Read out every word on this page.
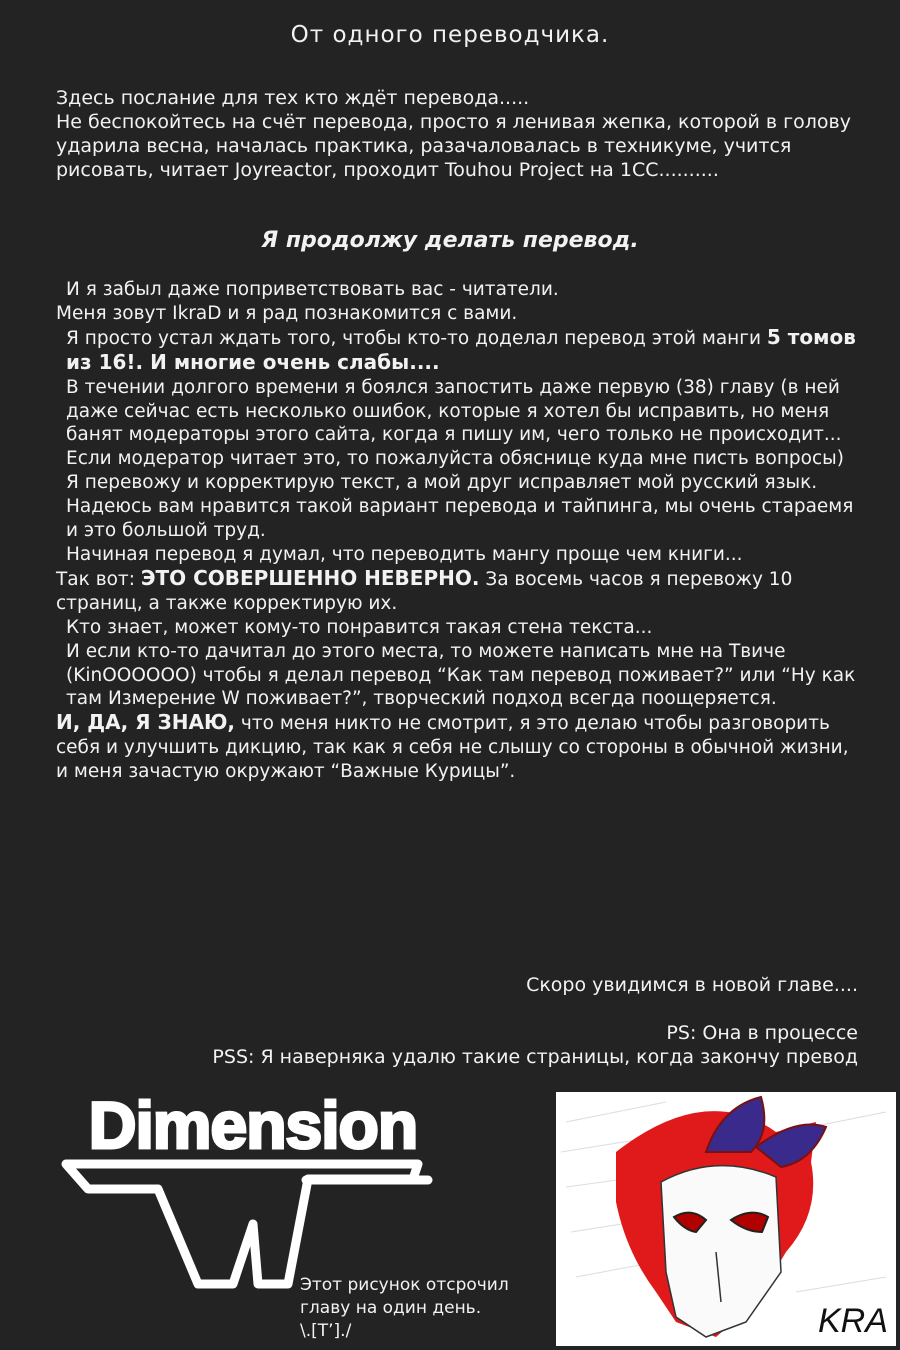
От одного переводчика.

Здесь послание для тех кто ждёт перевода.....

Не беспокойтесь на счёт перевода, просто я ленивая жепка, которой в голову ударила весна, началась практика, разачаловалась в техникуме, учится рисовать, читает Joyreactor, проходит Touhou Project на 1CC..........

Я продолжу делать перевод.

И я забыл даже поприветствовать вас - читатели.

Меня зовут IkraD и я рад познакомится с вами.

Я просто устал ждать того, чтобы кто-то доделал перевод этой манги 5 томов из 16!. И многие очень слабы....

В течении долгого времени я боялся запостить даже первую (38) главу (в ней даже сейчас есть несколько ошибок, которые я хотел бы исправить, но меня банят модераторы этого сайта, когда я пишу им, чего только не происходит... Если модератор читает это, то пожалуйста обяснице куда мне писть вопросы)

Я перевожу и корректирую текст, а мой друг исправляет мой русский язык.

Надеюсь вам нравится такой вариант перевода и тайпинга, мы очень стараемя и это большой труд.

Начиная перевод я думал, что переводить мангу проще чем книги...

Так вот: ЭТО СОВЕРШЕННО НЕВЕРНО. За восемь часов я перевожу 10 страниц, а также корректирую их.

Кто знает, может кому-то понравится такая стена текста...

И если кто-то дачитал до этого места, то можете написать мне на Твиче (KinOOOOOO) чтобы я делал перевод “Как там перевод поживает?” или “Ну как там Измерение W поживает?”, творческий подход всегда поощеряется.

И, ДА, Я ЗНАЮ, что меня никто не смотрит, я это делаю чтобы разговорить себя и улучшить дикцию, так как я себя не слышу со стороны в обычной жизни, и меня зачастую окружают “Важные Курицы”.

Скоро увидимся в новой главе....

PS: Она в процессе

PSS: Я наверняка удалю такие страницы, когда закончу превод

Dimension
W
KRA

Этот рисунок отсрочил

главу на один день.

\.[T’]./
